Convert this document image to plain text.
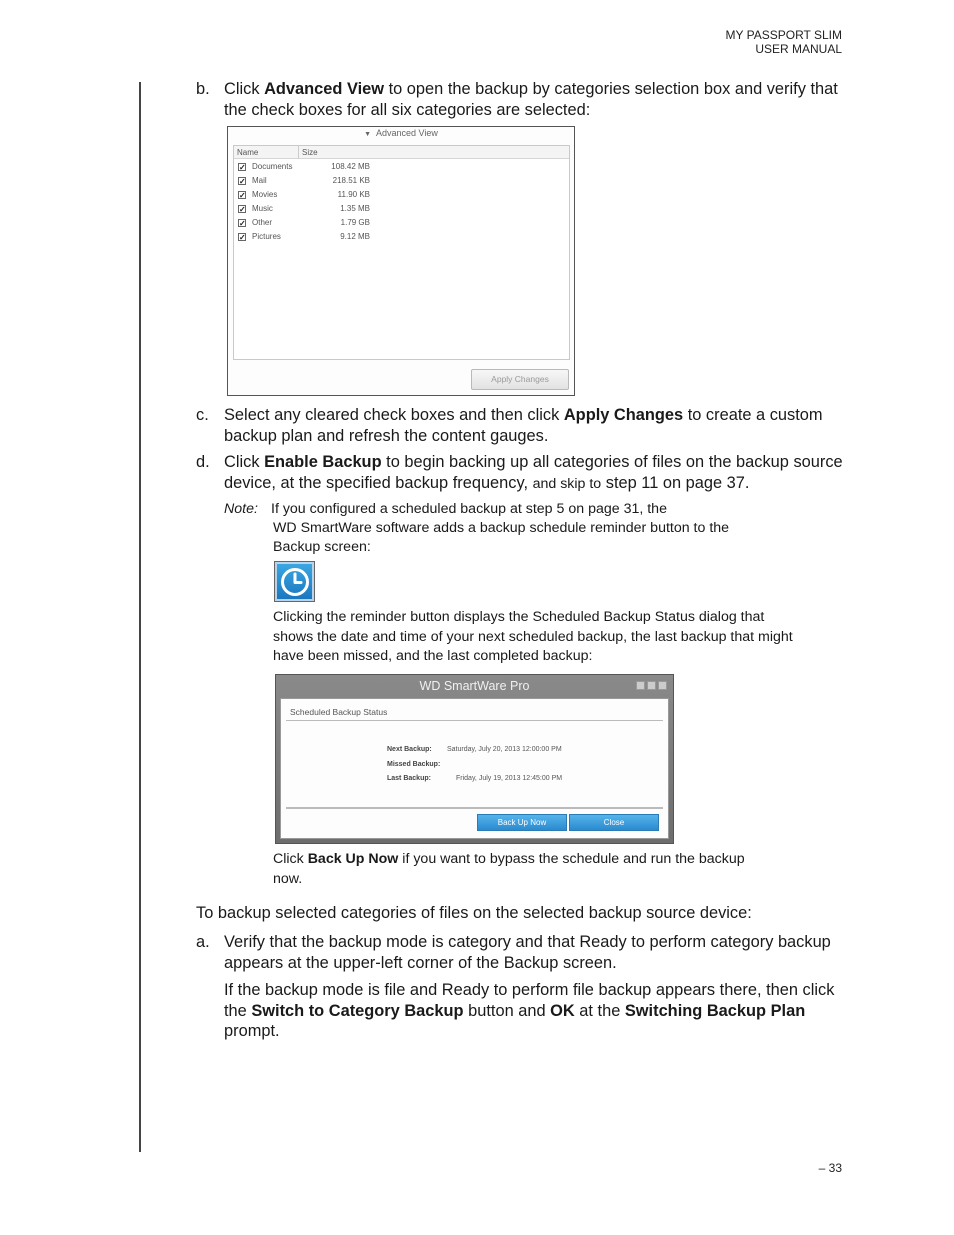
MY PASSPORT SLIM
USER MANUAL
b. Click Advanced View to open the backup by categories selection box and verify that the check boxes for all six categories are selected:
▼ Advanced View
Name	Size
✓ Documents	108.42 MB
✓ Mail	218.51 KB
✓ Movies	11.90 KB
✓ Music	1.35 MB
✓ Other	1.79 GB
✓ Pictures	9.12 MB
Apply Changes
c. Select any cleared check boxes and then click Apply Changes to create a custom backup plan and refresh the content gauges.
d. Click Enable Backup to begin backing up all categories of files on the backup source device, at the specified backup frequency, and skip to step 11 on page 37.
Note: If you configured a scheduled backup at step 5 on page 31, the
WD SmartWare software adds a backup schedule reminder button to the
Backup screen:
Clicking the reminder button displays the Scheduled Backup Status dialog that shows the date and time of your next scheduled backup, the last backup that might have been missed, and the last completed backup:
WD SmartWare Pro
Scheduled Backup Status
Next Backup: Saturday, July 20, 2013 12:00:00 PM
Missed Backup:
Last Backup:	Friday, July 19, 2013 12:45:00 PM
Back Up Now	Close
Click Back Up Now if you want to bypass the schedule and run the backup now.
To backup selected categories of files on the selected backup source device:
a. Verify that the backup mode is category and that Ready to perform category backup appears at the upper-left corner of the Backup screen.
If the backup mode is file and Ready to perform file backup appears there, then click the Switch to Category Backup button and OK at the Switching Backup Plan prompt.
– 33
